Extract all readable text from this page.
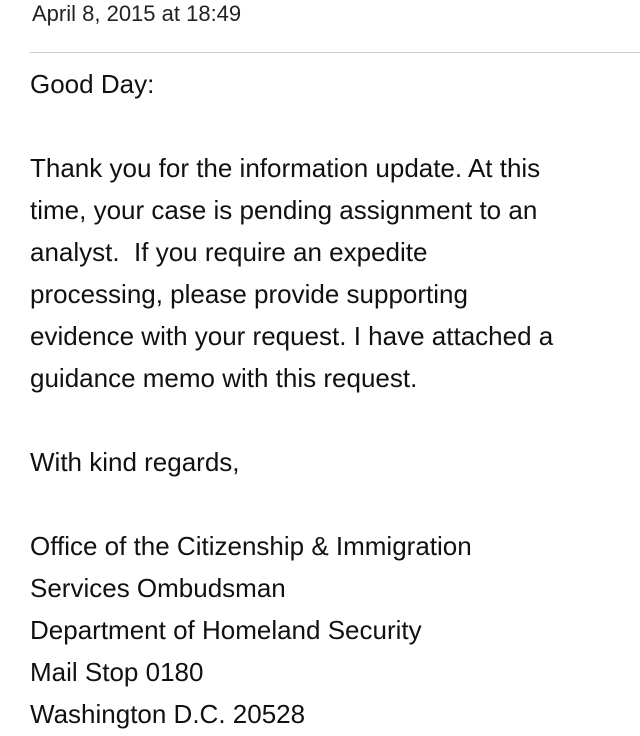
April 8, 2015 at 18:49

Good Day:

Thank you for the information update. At this

time, your case is pending assignment to an

analyst.  If you require an expedite

processing, please provide supporting

evidence with your request. I have attached a

guidance memo with this request.

With kind regards,

Office of the Citizenship & Immigration

Services Ombudsman

Department of Homeland Security

Mail Stop 0180

Washington D.C. 20528
